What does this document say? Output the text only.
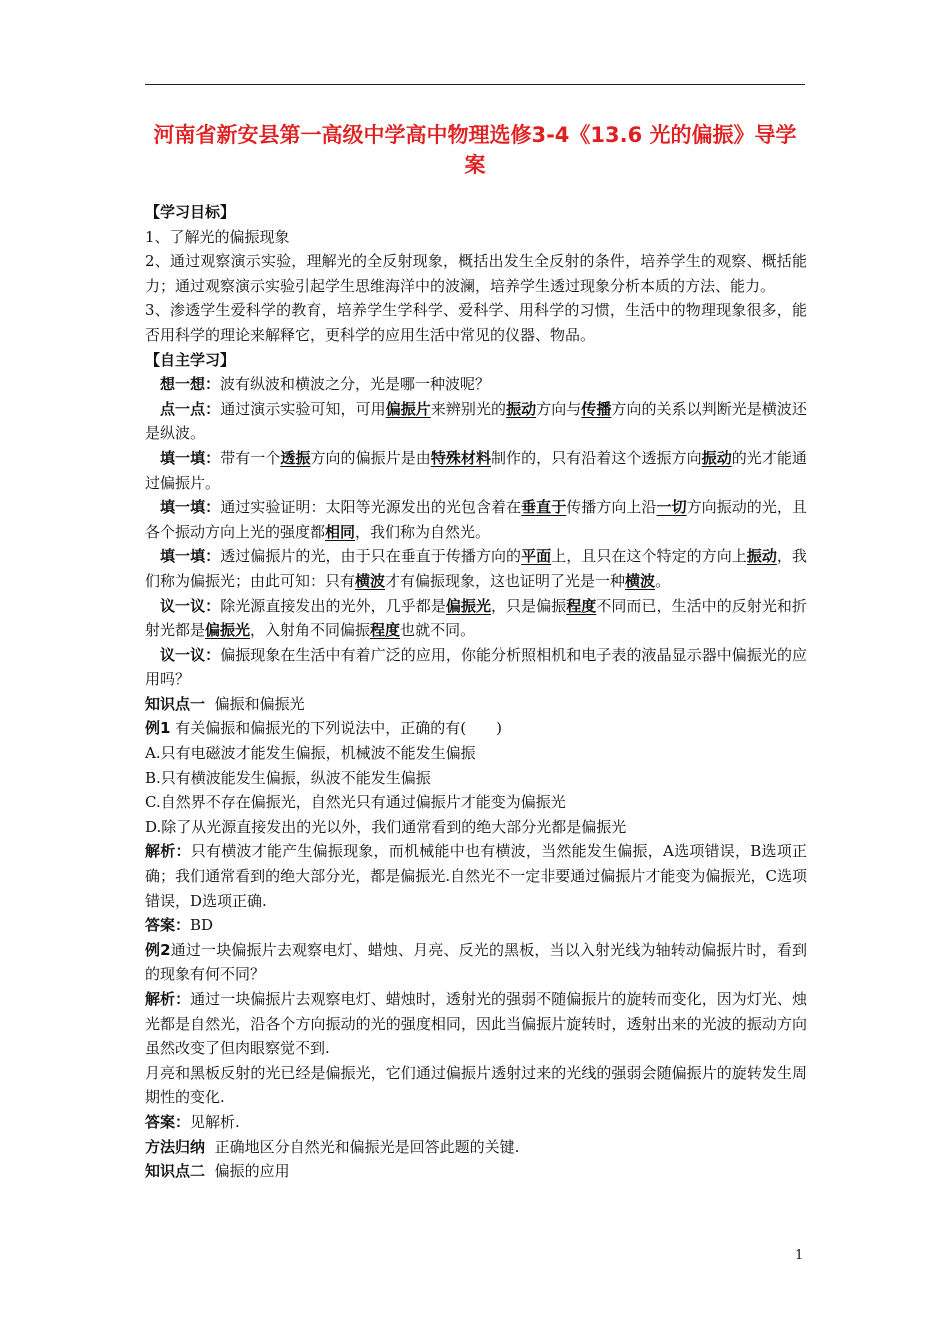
河南省新安县第一高级中学高中物理选修3-4《13.6 光的偏振》导学案

【学习目标】

1、了解光的偏振现象

2、通过观察演示实验，理解光的全反射现象，概括出发生全反射的条件，培养学生的观察、概括能力；通过观察演示实验引起学生思维海洋中的波澜，培养学生透过现象分析本质的方法、能力。

3、渗透学生爱科学的教育，培养学生学科学、爱科学、用科学的习惯，生活中的物理现象很多，能否用科学的理论来解释它，更科学的应用生活中常见的仪器、物品。

【自主学习】

想一想：波有纵波和横波之分，光是哪一种波呢？

点一点：通过演示实验可知，可用偏振片来辨别光的振动方向与传播方向的关系以判断光是横波还是纵波。

填一填：带有一个透振方向的偏振片是由特殊材料制作的，只有沿着这个透振方向振动的光才能通过偏振片。

填一填：通过实验证明：太阳等光源发出的光包含着在垂直于传播方向上沿一切方向振动的光，且各个振动方向上光的强度都相同，我们称为自然光。

填一填：透过偏振片的光，由于只在垂直于传播方向的平面上，且只在这个特定的方向上振动，我们称为偏振光；由此可知：只有横波才有偏振现象，这也证明了光是一种横波。

议一议：除光源直接发出的光外，几乎都是偏振光，只是偏振程度不同而已，生活中的反射光和折射光都是偏振光，入射角不同偏振程度也就不同。

议一议：偏振现象在生活中有着广泛的应用，你能分析照相机和电子表的液晶显示器中偏振光的应用吗？

知识点一 偏振和偏振光

例1 有关偏振和偏振光的下列说法中，正确的有(　　)

A.只有电磁波才能发生偏振，机械波不能发生偏振

B.只有横波能发生偏振，纵波不能发生偏振

C.自然界不存在偏振光，自然光只有通过偏振片才能变为偏振光

D.除了从光源直接发出的光以外，我们通常看到的绝大部分光都是偏振光

解析：只有横波才能产生偏振现象，而机械能中也有横波，当然能发生偏振，A选项错误，B选项正确；我们通常看到的绝大部分光，都是偏振光.自然光不一定非要通过偏振片才能变为偏振光，C选项错误，D选项正确.

答案：BD

例2通过一块偏振片去观察电灯、蜡烛、月亮、反光的黑板，当以入射光线为轴转动偏振片时，看到的现象有何不同？

解析：通过一块偏振片去观察电灯、蜡烛时，透射光的强弱不随偏振片的旋转而变化，因为灯光、烛光都是自然光，沿各个方向振动的光的强度相同，因此当偏振片旋转时，透射出来的光波的振动方向虽然改变了但肉眼察觉不到.

月亮和黑板反射的光已经是偏振光，它们通过偏振片透射过来的光线的强弱会随偏振片的旋转发生周期性的变化.

答案：见解析.

方法归纳 正确地区分自然光和偏振光是回答此题的关键.

知识点二 偏振的应用

1
